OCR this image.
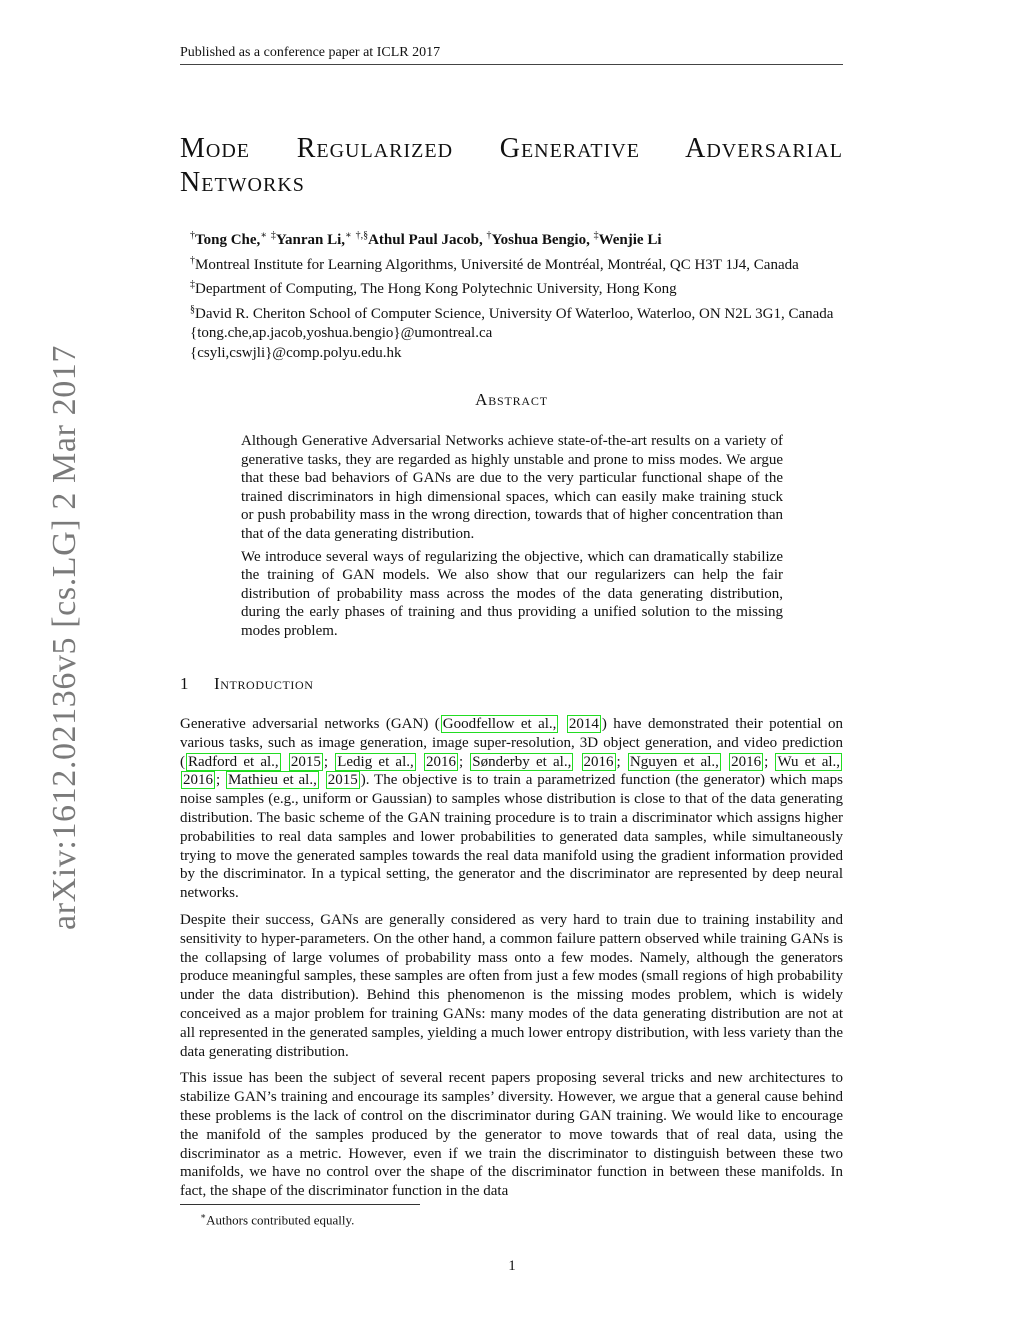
Published as a conference paper at ICLR 2017
arXiv:1612.02136v5 [cs.LG] 2 Mar 2017
Mode Regularized Generative Adversarial
Networks
†Tong Che,∗ ‡Yanran Li,∗ †,§Athul Paul Jacob, †Yoshua Bengio, ‡Wenjie Li
†Montreal Institute for Learning Algorithms, Université de Montréal, Montréal, QC H3T 1J4, Canada
‡Department of Computing, The Hong Kong Polytechnic University, Hong Kong
§David R. Cheriton School of Computer Science, University Of Waterloo, Waterloo, ON N2L 3G1, Canada
{tong.che,ap.jacob,yoshua.bengio}@umontreal.ca
{csyli,cswjli}@comp.polyu.edu.hk
Abstract

Although Generative Adversarial Networks achieve state-of-the-art results on a variety of generative tasks, they are regarded as highly unstable and prone to miss modes. We argue that these bad behaviors of GANs are due to the very particular functional shape of the trained discriminators in high dimensional spaces, which can easily make training stuck or push probability mass in the wrong direction, towards that of higher concentration than that of the data generating distribution.

We introduce several ways of regularizing the objective, which can dramatically stabilize the training of GAN models. We also show that our regularizers can help the fair distribution of probability mass across the modes of the data generating distribution, during the early phases of training and thus providing a unified solution to the missing modes problem.

1 Introduction

Generative adversarial networks (GAN) ( Goodfellow et al., 2014 ) have demonstrated their potential on various tasks, such as image generation, image super-resolution, 3D object generation, and video prediction ( Radford et al., 2015 ; Ledig et al., 2016 ; Sønderby et al., 2016 ; Nguyen et al., 2016 ; Wu et al., 2016 ; Mathieu et al., 2015 ). The objective is to train a parametrized function (the generator) which maps noise samples (e.g., uniform or Gaussian) to samples whose distribution is close to that of the data generating distribution. The basic scheme of the GAN training procedure is to train a discriminator which assigns higher probabilities to real data samples and lower probabilities to generated data samples, while simultaneously trying to move the generated samples towards the real data manifold using the gradient information provided by the discriminator. In a typical setting, the generator and the discriminator are represented by deep neural networks.

Despite their success, GANs are generally considered as very hard to train due to training instability and sensitivity to hyper-parameters. On the other hand, a common failure pattern observed while training GANs is the collapsing of large volumes of probability mass onto a few modes. Namely, although the generators produce meaningful samples, these samples are often from just a few modes (small regions of high probability under the data distribution). Behind this phenomenon is the missing modes problem, which is widely conceived as a major problem for training GANs: many modes of the data generating distribution are not at all represented in the generated samples, yielding a much lower entropy distribution, with less variety than the data generating distribution.

This issue has been the subject of several recent papers proposing several tricks and new architectures to stabilize GAN’s training and encourage its samples’ diversity. However, we argue that a general cause behind these problems is the lack of control on the discriminator during GAN training. We would like to encourage the manifold of the samples produced by the generator to move towards that of real data, using the discriminator as a metric. However, even if we train the discriminator to distinguish between these two manifolds, we have no control over the shape of the discriminator function in between these manifolds. In fact, the shape of the discriminator function in the data

∗Authors contributed equally.
1
